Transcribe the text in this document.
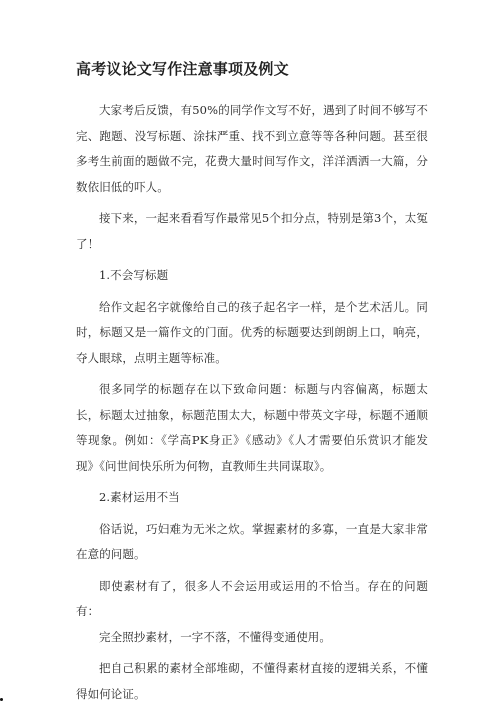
高考议论文写作注意事项及例文

大家考后反馈，有50%的同学作文写不好，遇到了时间不够写不完、跑题、没写标题、涂抹严重、找不到立意等等各种问题。甚至很多考生前面的题做不完，花费大量时间写作文，洋洋洒洒一大篇，分数依旧低的吓人。

接下来，一起来看看写作最常见5个扣分点，特别是第3个，太冤了！

1.不会写标题

给作文起名字就像给自己的孩子起名字一样，是个艺术活儿。同时，标题又是一篇作文的门面。优秀的标题要达到朗朗上口，响亮，夺人眼球，点明主题等标准。

很多同学的标题存在以下致命问题：标题与内容偏离，标题太长，标题太过抽象，标题范围太大，标题中带英文字母，标题不通顺等现象。例如：《学高PK身正》《感动》《人才需要伯乐赏识才能发现》《问世间快乐所为何物，直教师生共同谋取》。

2.素材运用不当

俗话说，巧妇难为无米之炊。掌握素材的多寡，一直是大家非常在意的问题。

即使素材有了，很多人不会运用或运用的不恰当。存在的问题有：

完全照抄素材，一字不落，不懂得变通使用。

把自己积累的素材全部堆砌，不懂得素材直接的逻辑关系，不懂得如何论证。
